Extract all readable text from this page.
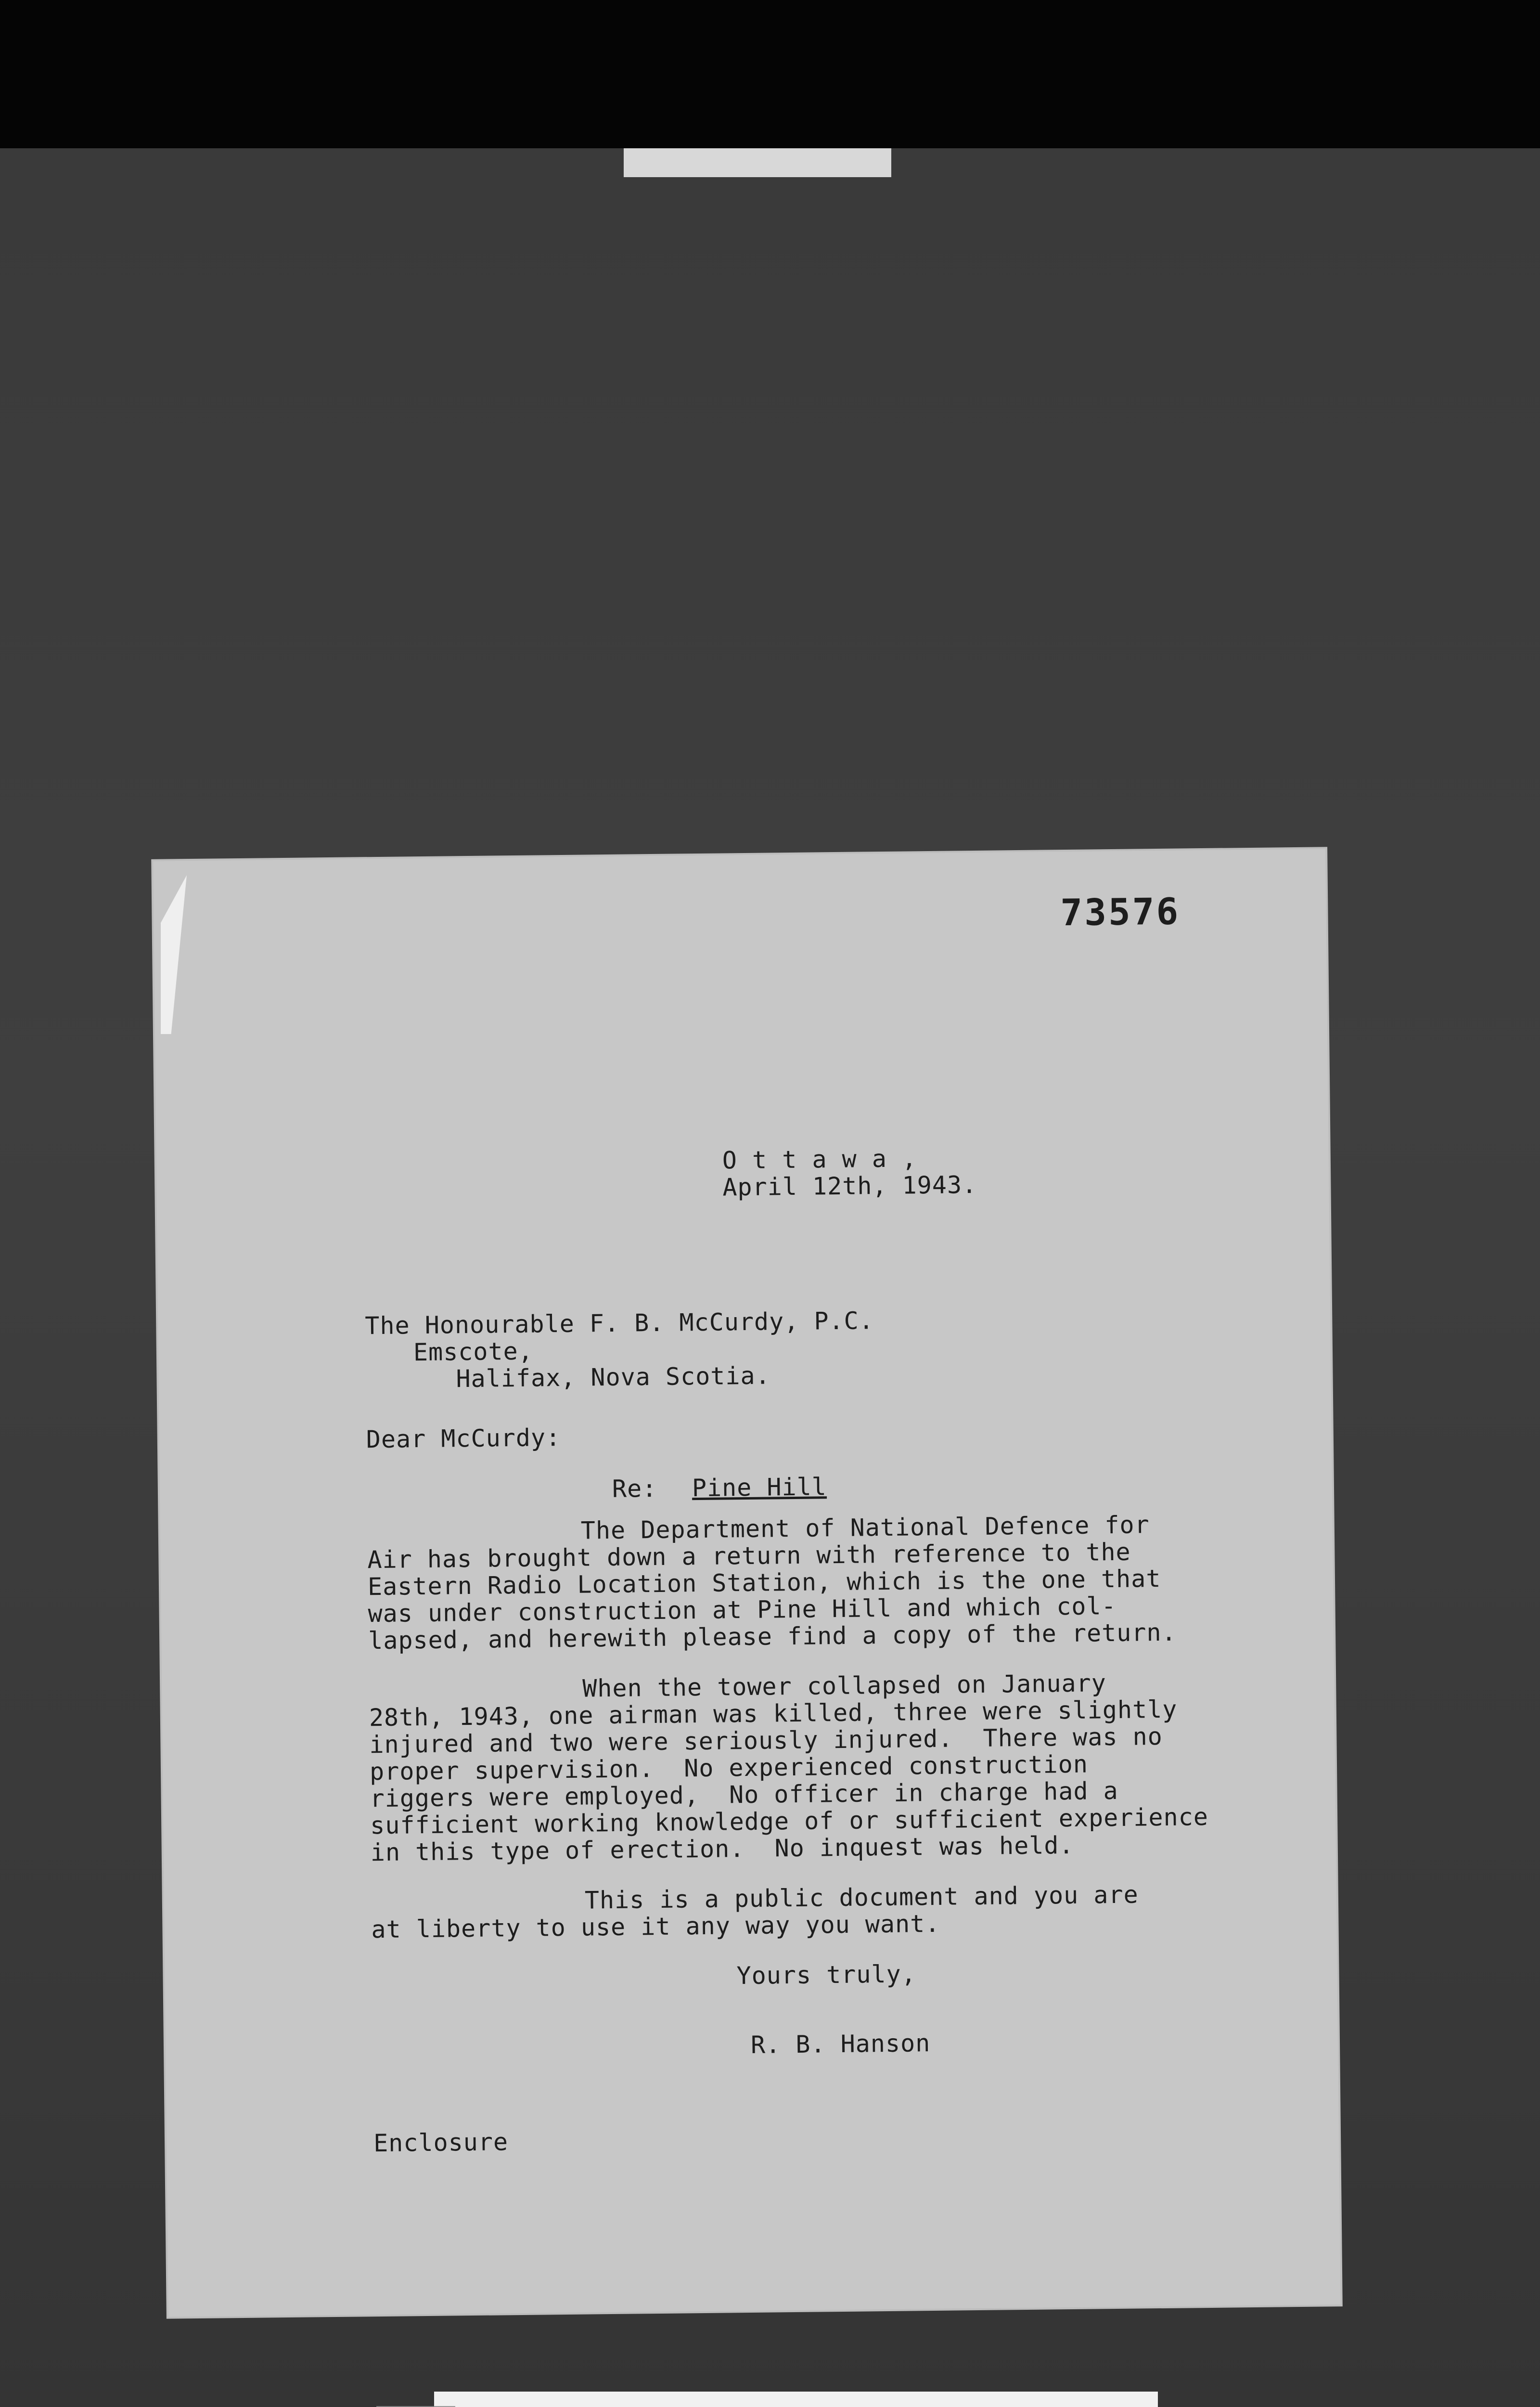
73576
O t t a w a ,
April 12th, 1943.
The Honourable F. B. McCurdy, P.C.
Emscote,
Halifax, Nova Scotia.
Dear McCurdy:
Re: Pine Hill
The Department of National Defence for
Air has brought down a return with reference to the
Eastern Radio Location Station, which is the one that
was under construction at Pine Hill and which col-
lapsed, and herewith please find a copy of the return.
When the tower collapsed on January
28th, 1943, one airman was killed, three were slightly
injured and two were seriously injured.  There was no
proper supervision.  No experienced construction
riggers were employed,  No officer in charge had a
sufficient working knowledge of or sufficient experience
in this type of erection.  No inquest was held.
This is a public document and you are
at liberty to use it any way you want.
Yours truly,
R. B. Hanson
Enclosure
